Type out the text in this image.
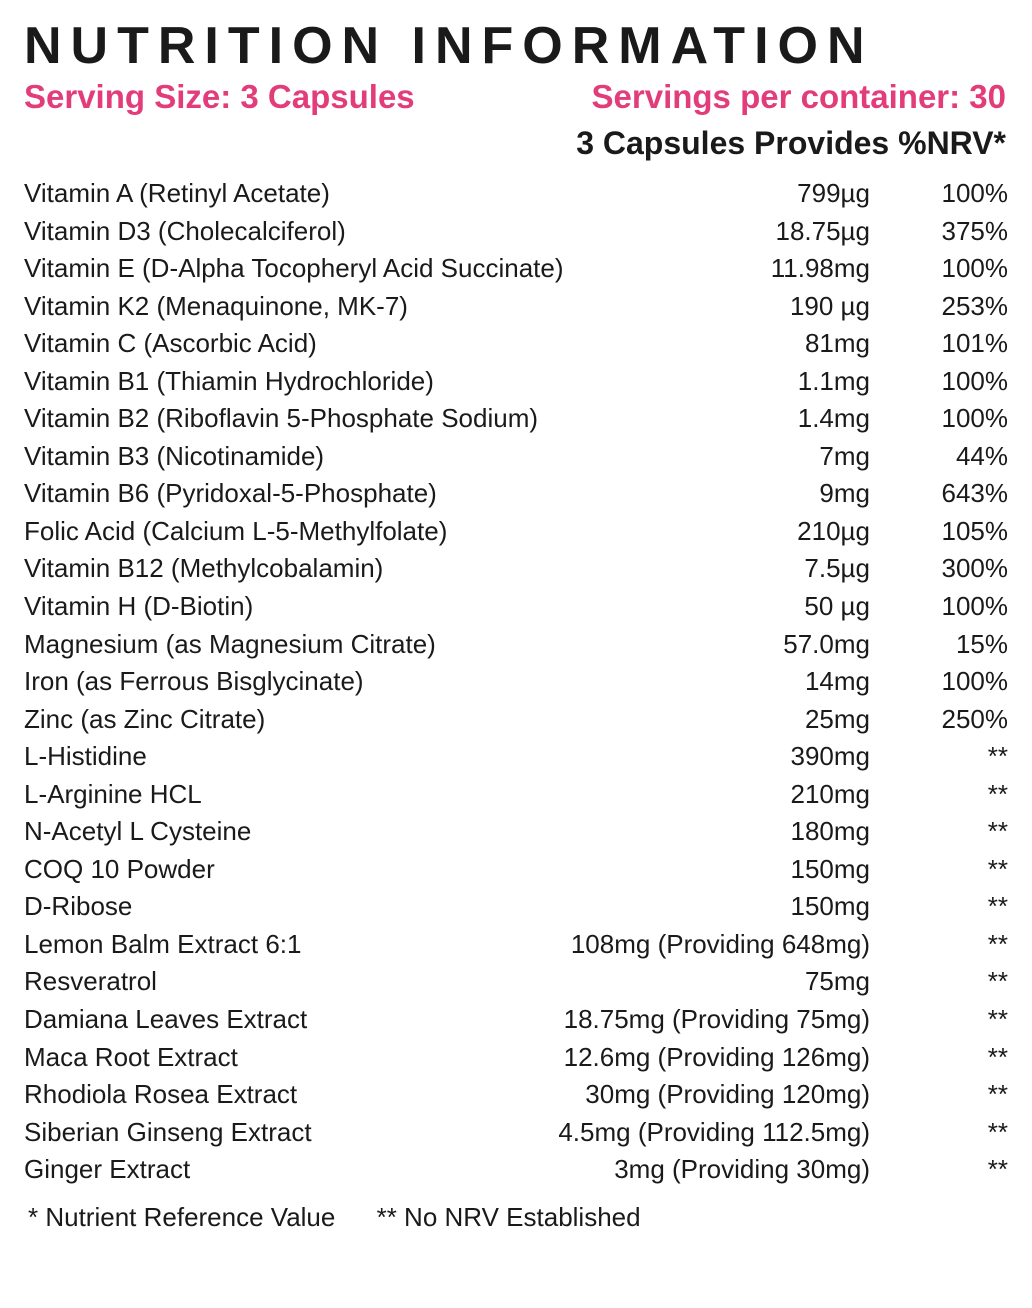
NUTRITION INFORMATION
Serving Size: 3 Capsules	Servings per container: 30
3 Capsules Provides %NRV*
Vitamin A (Retinyl Acetate)	799µg	100%
Vitamin D3 (Cholecalciferol)	18.75µg	375%
Vitamin E (D-Alpha Tocopheryl Acid Succinate)	11.98mg	100%
Vitamin K2 (Menaquinone, MK-7)	190 µg	253%
Vitamin C (Ascorbic Acid)	81mg	101%
Vitamin B1 (Thiamin Hydrochloride)	1.1mg	100%
Vitamin B2 (Riboflavin 5-Phosphate Sodium)	1.4mg	100%
Vitamin B3 (Nicotinamide)	7mg	44%
Vitamin B6 (Pyridoxal-5-Phosphate)	9mg	643%
Folic Acid (Calcium L-5-Methylfolate)	210µg	105%
Vitamin B12 (Methylcobalamin)	7.5µg	300%
Vitamin H (D-Biotin)	50 µg	100%
Magnesium (as Magnesium Citrate)	57.0mg	15%
Iron (as Ferrous Bisglycinate)	14mg	100%
Zinc (as Zinc Citrate)	25mg	250%
L-Histidine	390mg	**
L-Arginine HCL	210mg	**
N-Acetyl L Cysteine	180mg	**
COQ 10 Powder	150mg	**
D-Ribose	150mg	**
Lemon Balm Extract 6:1	108mg (Providing 648mg)	**
Resveratrol	75mg	**
Damiana Leaves Extract	18.75mg (Providing 75mg)	**
Maca Root Extract	12.6mg (Providing 126mg)	**
Rhodiola Rosea Extract	30mg (Providing 120mg)	**
Siberian Ginseng Extract	4.5mg (Providing 112.5mg)	**
Ginger Extract	3mg (Providing 30mg)	**
* Nutrient Reference Value ** No NRV Established
